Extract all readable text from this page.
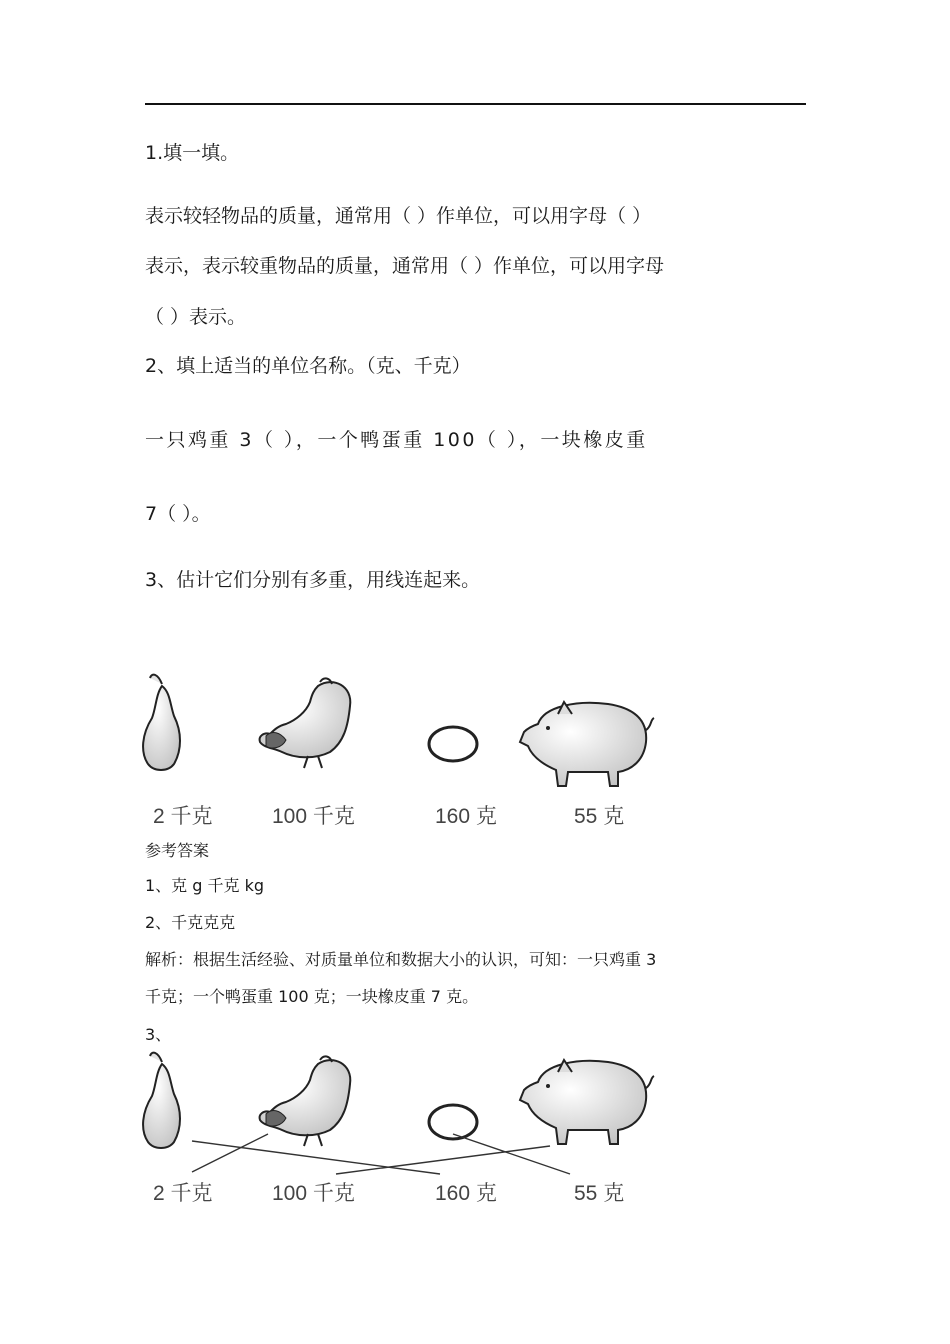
1.填一填。
表示较轻物品的质量，通常用（ ）作单位，可以用字母（ ）
表示，表示较重物品的质量，通常用（ ）作单位，可以用字母
（ ）表示。
2、填上适当的单位名称。（克、千克）
一只鸡重 3（ ），一个鸭蛋重 100（ ），一块橡皮重
7（ ）。
3、估计它们分别有多重，用线连起来。
2 千克	100 千克	160 克	55 克
参考答案
1、克 g 千克 kg
2、千克克克
解析：根据生活经验、对质量单位和数据大小的认识，可知：一只鸡重 3
千克；一个鸭蛋重 100 克；一块橡皮重 7 克。
3、
2 千克	100 千克	160 克	55 克
